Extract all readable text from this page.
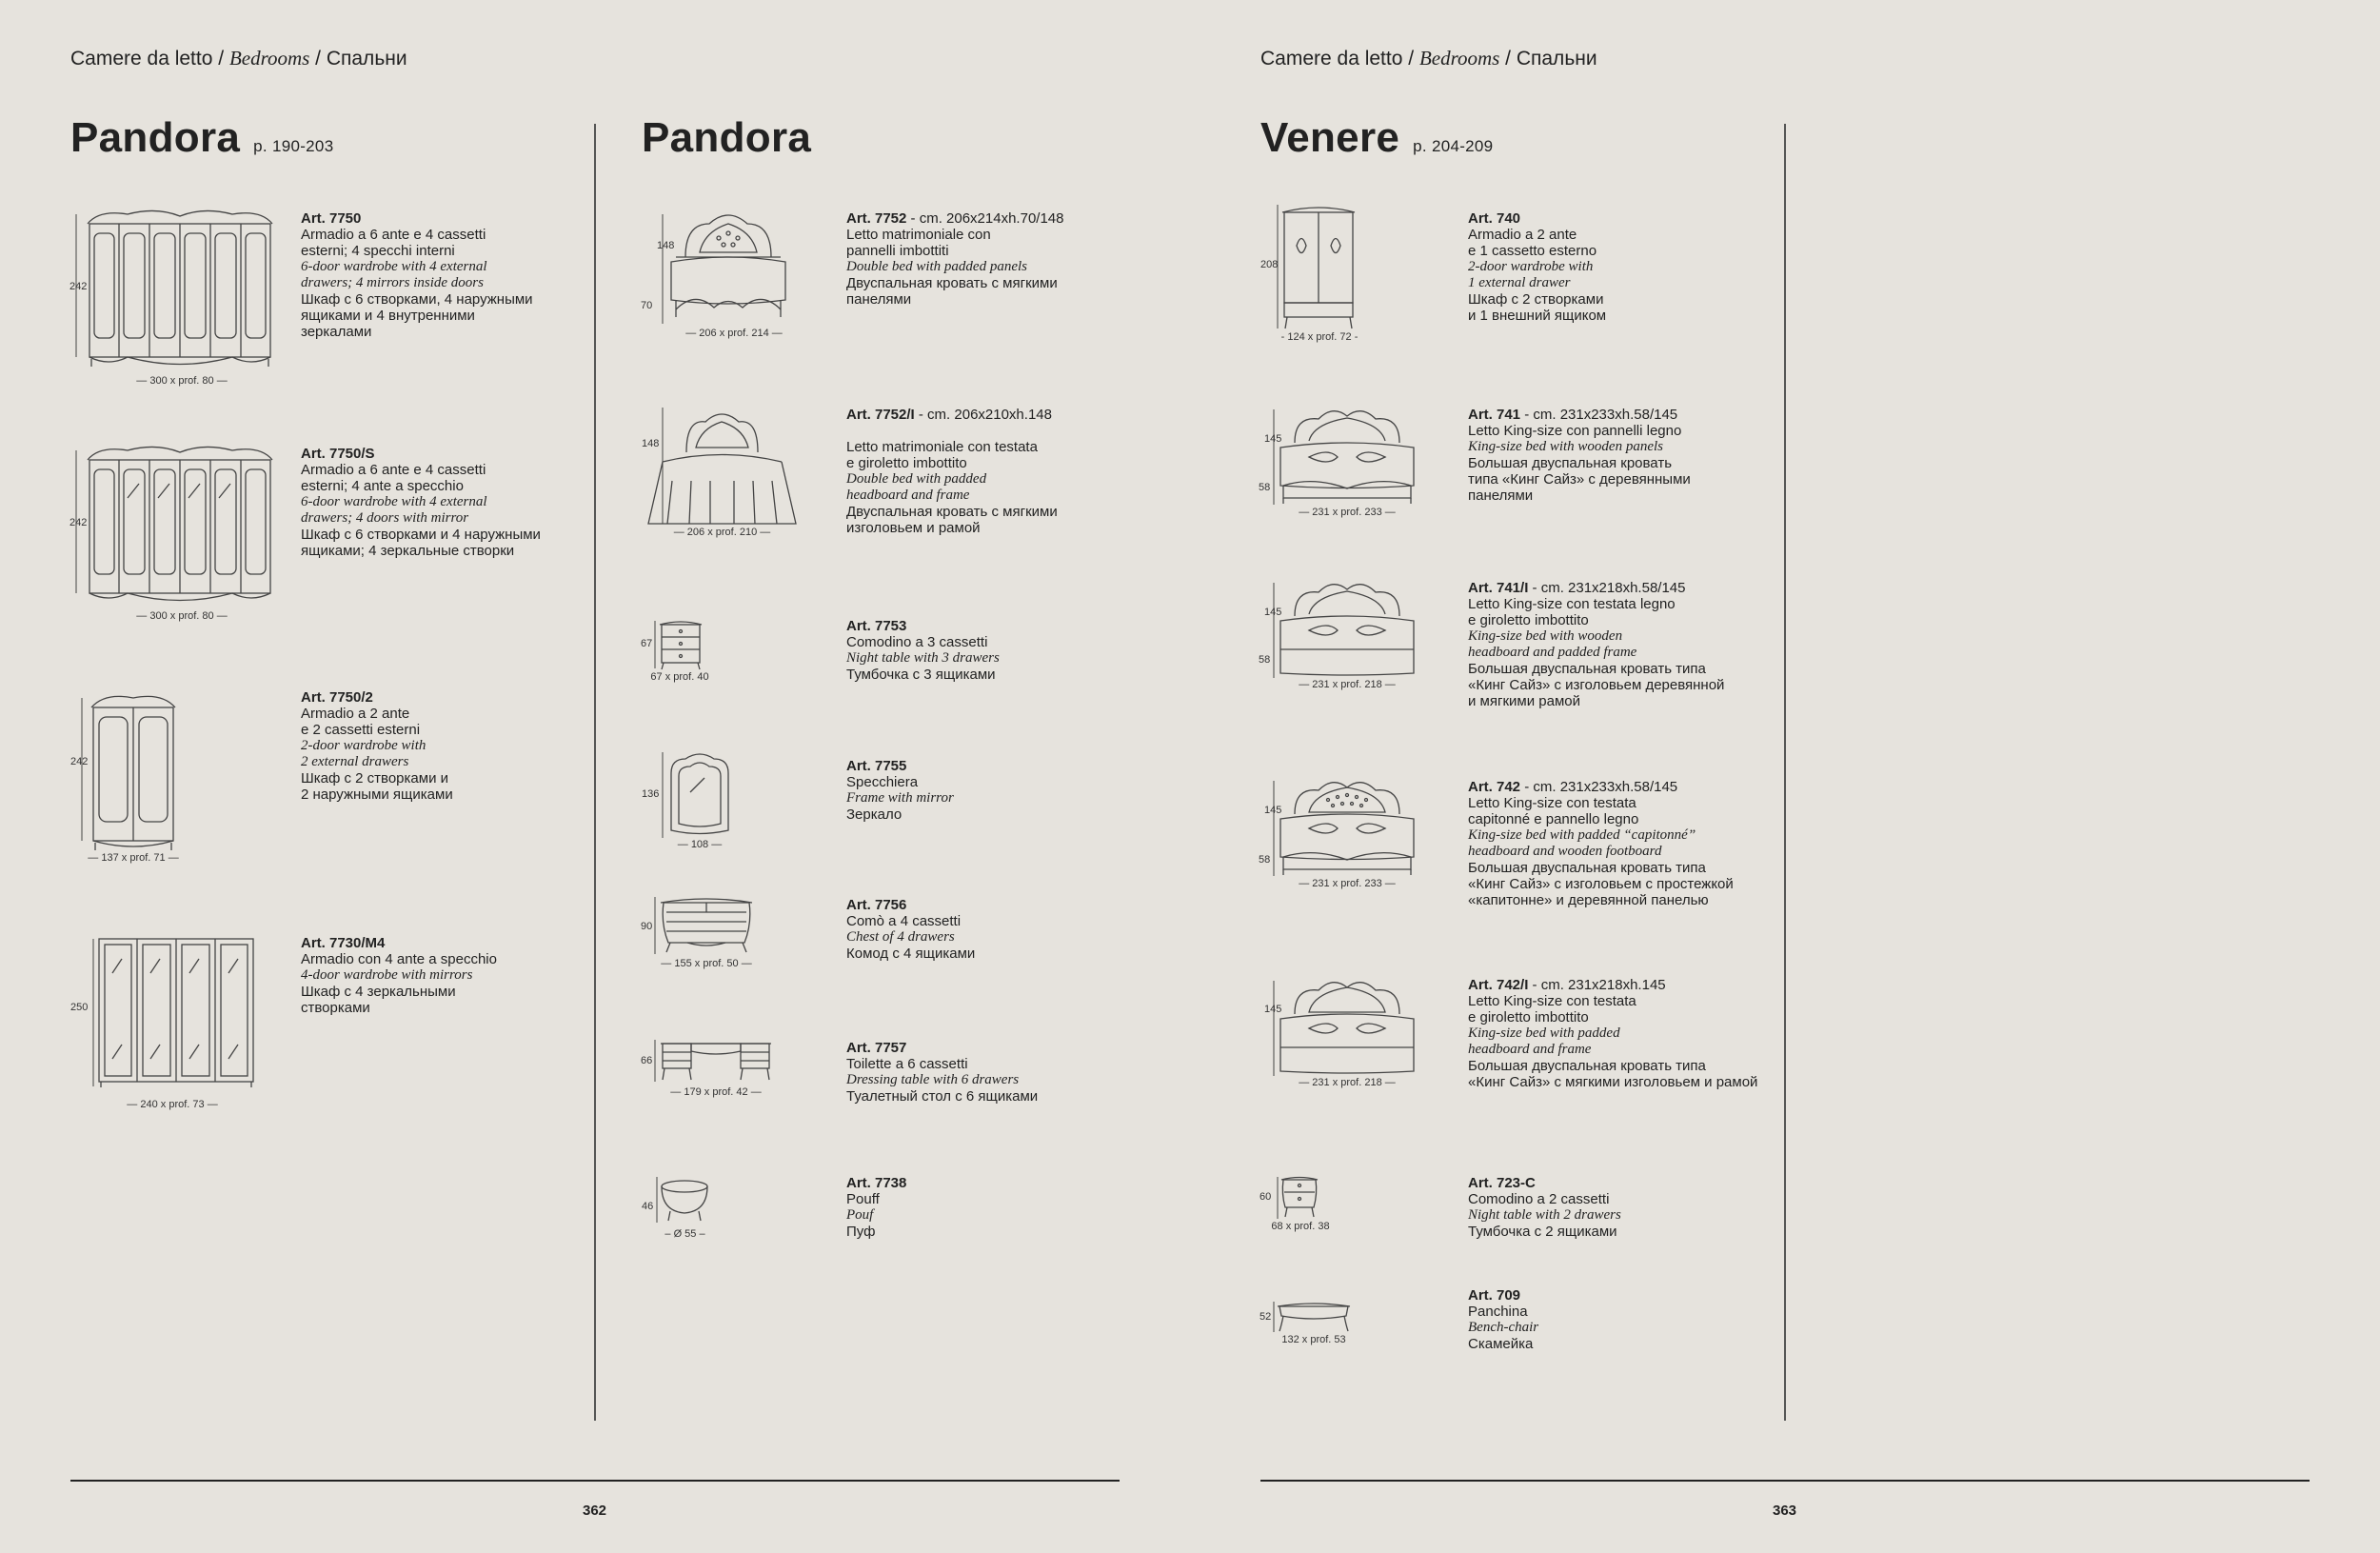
Camere da letto / Bedrooms / Спальни	Camere da letto / Bedrooms / Спальни
Pandora p. 190-203	Pandora	Venere p. 204-209
362	363
242
— 300 x prof. 80 —
Art. 7750
Armadio a 6 ante e 4 cassetti
esterni; 4 specchi interni
6-door wardrobe with 4 external
drawers; 4 mirrors inside doors
Шкаф с 6 створками, 4 наружными
ящиками и 4 внутренними
зеркалами
242
— 300 x prof. 80 —
Art. 7750/S
Armadio a 6 ante e 4 cassetti
esterni; 4 ante a specchio
6-door wardrobe with 4 external
drawers; 4 doors with mirror
Шкаф с 6 створками и 4 наружными
ящиками; 4 зеркальные створки
242
— 137 x prof. 71 —
Art. 7750/2
Armadio a 2 ante
e 2 cassetti esterni
2-door wardrobe with
2 external drawers
Шкаф с 2 створками и
2 наружными ящиками
250
— 240 x prof. 73 —
Art. 7730/M4
Armadio con 4 ante a specchio
4-door wardrobe with mirrors
Шкаф с 4 зеркальными
створками
148
70
— 206 x prof. 214 —
Art. 7752 - cm. 206x214xh.70/148
Letto matrimoniale con
pannelli imbottiti
Double bed with padded panels
Двуспальная кровать с мягкими
панелями
148
— 206 x prof. 210 —
Art. 7752/I - cm. 206x210xh.148
Letto matrimoniale con testata
e giroletto imbottito
Double bed with padded
headboard and frame
Двуспальная кровать с мягкими
изголовьем и рамой
67
67 x prof. 40
Art. 7753
Comodino a 3 cassetti
Night table with 3 drawers
Тумбочка с 3 ящиками
136
— 108 —
Art. 7755
Specchiera
Frame with mirror
Зеркало
90
— 155 x prof. 50 —
Art. 7756
Comò a 4 cassetti
Chest of 4 drawers
Комод с 4 ящиками
66
— 179 x prof. 42 —
Art. 7757
Toilette a 6 cassetti
Dressing table with 6 drawers
Туалетный стол с 6 ящиками
46
– Ø 55 –
Art. 7738
Pouff
Pouf
Пуф
208
- 124 x prof. 72 -
Art. 740
Armadio a 2 ante
e 1 cassetto esterno
2-door wardrobe with
1 external drawer
Шкаф с 2 створками
и 1 внешний ящиком
145
58
— 231 x prof. 233 —
Art. 741 - cm. 231x233xh.58/145
Letto King-size con pannelli legno
King-size bed with wooden panels
Большая двуспальная кровать
типа «Кинг Сайз» с деревянными
панелями
145
58
— 231 x prof. 218 —
Art. 741/I - cm. 231x218xh.58/145
Letto King-size con testata legno
e giroletto imbottito
King-size bed with wooden
headboard and padded frame
Большая двуспальная кровать типа
«Кинг Сайз» с изголовьем деревянной
и мягкими рамой
145
58
— 231 x prof. 233 —
Art. 742 - cm. 231x233xh.58/145
Letto King-size con testata
capitonné e pannello legno
King-size bed with padded “capitonné”
headboard and wooden footboard
Большая двуспальная кровать типа
«Кинг Сайз» с изголовьем с простежкой
«капитонне» и деревянной панелью
145
— 231 x prof. 218 —
Art. 742/I - cm. 231x218xh.145
Letto King-size con testata
e giroletto imbottito
King-size bed with padded
headboard and frame
Большая двуспальная кровать типа
«Кинг Сайз» с мягкими изголовьем и рамой
60
68 x prof. 38
Art. 723-C
Comodino a 2 cassetti
Night table with 2 drawers
Тумбочка с 2 ящиками
52
132 x prof. 53
Art. 709
Panchina
Bench-chair
Скамейка
